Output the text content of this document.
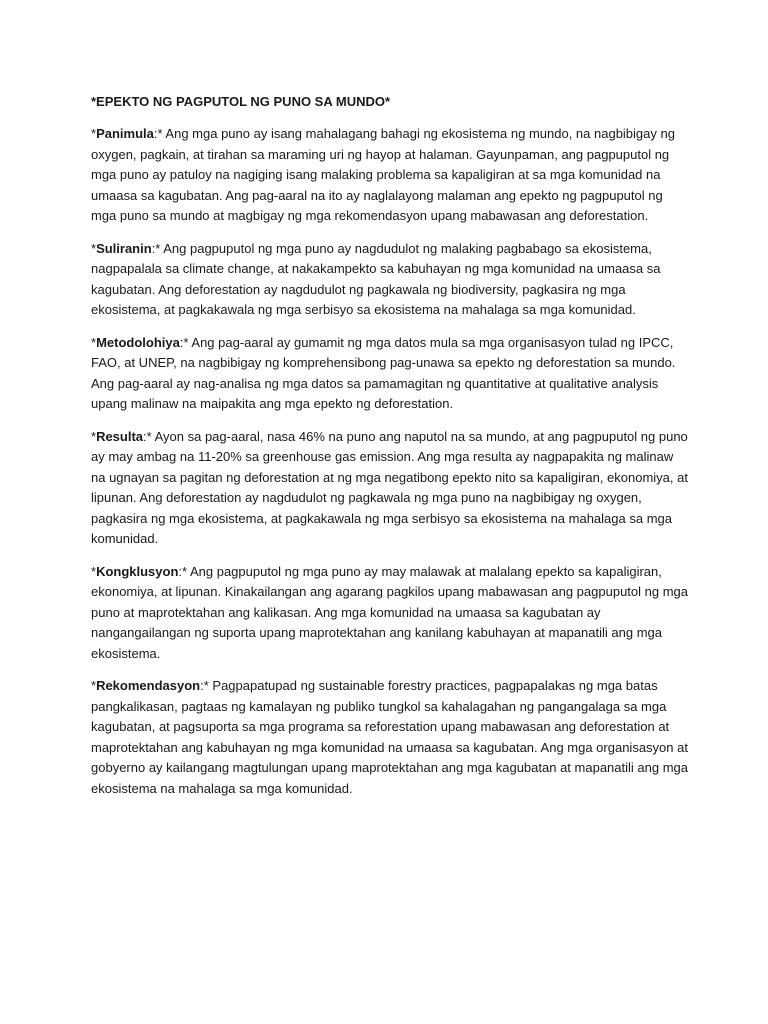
*EPEKTO NG PAGPUTOL NG PUNO SA MUNDO*
*Panimula:* Ang mga puno ay isang mahalagang bahagi ng ekosistema ng mundo, na nagbibigay ng oxygen, pagkain, at tirahan sa maraming uri ng hayop at halaman. Gayunpaman, ang pagpuputol ng mga puno ay patuloy na nagiging isang malaking problema sa kapaligiran at sa mga komunidad na umaasa sa kagubatan. Ang pag-aaral na ito ay naglalayong malaman ang epekto ng pagpuputol ng mga puno sa mundo at magbigay ng mga rekomendasyon upang mabawasan ang deforestation.
*Suliranin:* Ang pagpuputol ng mga puno ay nagdudulot ng malaking pagbabago sa ekosistema, nagpapalala sa climate change, at nakakampekto sa kabuhayan ng mga komunidad na umaasa sa kagubatan. Ang deforestation ay nagdudulot ng pagkawala ng biodiversity, pagkasira ng mga ekosistema, at pagkakawala ng mga serbisyo sa ekosistema na mahalaga sa mga komunidad.
*Metodolohiya:* Ang pag-aaral ay gumamit ng mga datos mula sa mga organisasyon tulad ng IPCC, FAO, at UNEP, na nagbibigay ng komprehensibong pag-unawa sa epekto ng deforestation sa mundo. Ang pag-aaral ay nag-analisa ng mga datos sa pamamagitan ng quantitative at qualitative analysis upang malinaw na maipakita ang mga epekto ng deforestation.
*Resulta:* Ayon sa pag-aaral, nasa 46% na puno ang naputol na sa mundo, at ang pagpuputol ng puno ay may ambag na 11-20% sa greenhouse gas emission. Ang mga resulta ay nagpapakita ng malinaw na ugnayan sa pagitan ng deforestation at ng mga negatibong epekto nito sa kapaligiran, ekonomiya, at lipunan. Ang deforestation ay nagdudulot ng pagkawala ng mga puno na nagbibigay ng oxygen, pagkasira ng mga ekosistema, at pagkakawala ng mga serbisyo sa ekosistema na mahalaga sa mga komunidad.
*Kongklusyon:* Ang pagpuputol ng mga puno ay may malawak at malalang epekto sa kapaligiran, ekonomiya, at lipunan. Kinakailangan ang agarang pagkilos upang mabawasan ang pagpuputol ng mga puno at maprotektahan ang kalikasan. Ang mga komunidad na umaasa sa kagubatan ay nangangailangan ng suporta upang maprotektahan ang kanilang kabuhayan at mapanatili ang mga ekosistema.
*Rekomendasyon:* Pagpapatupad ng sustainable forestry practices, pagpapalakas ng mga batas pangkalikasan, pagtaas ng kamalayan ng publiko tungkol sa kahalagahan ng pangangalaga sa mga kagubatan, at pagsuporta sa mga programa sa reforestation upang mabawasan ang deforestation at maprotektahan ang kabuhayan ng mga komunidad na umaasa sa kagubatan. Ang mga organisasyon at gobyerno ay kailangang magtulungan upang maprotektahan ang mga kagubatan at mapanatili ang mga ekosistema na mahalaga sa mga komunidad.
